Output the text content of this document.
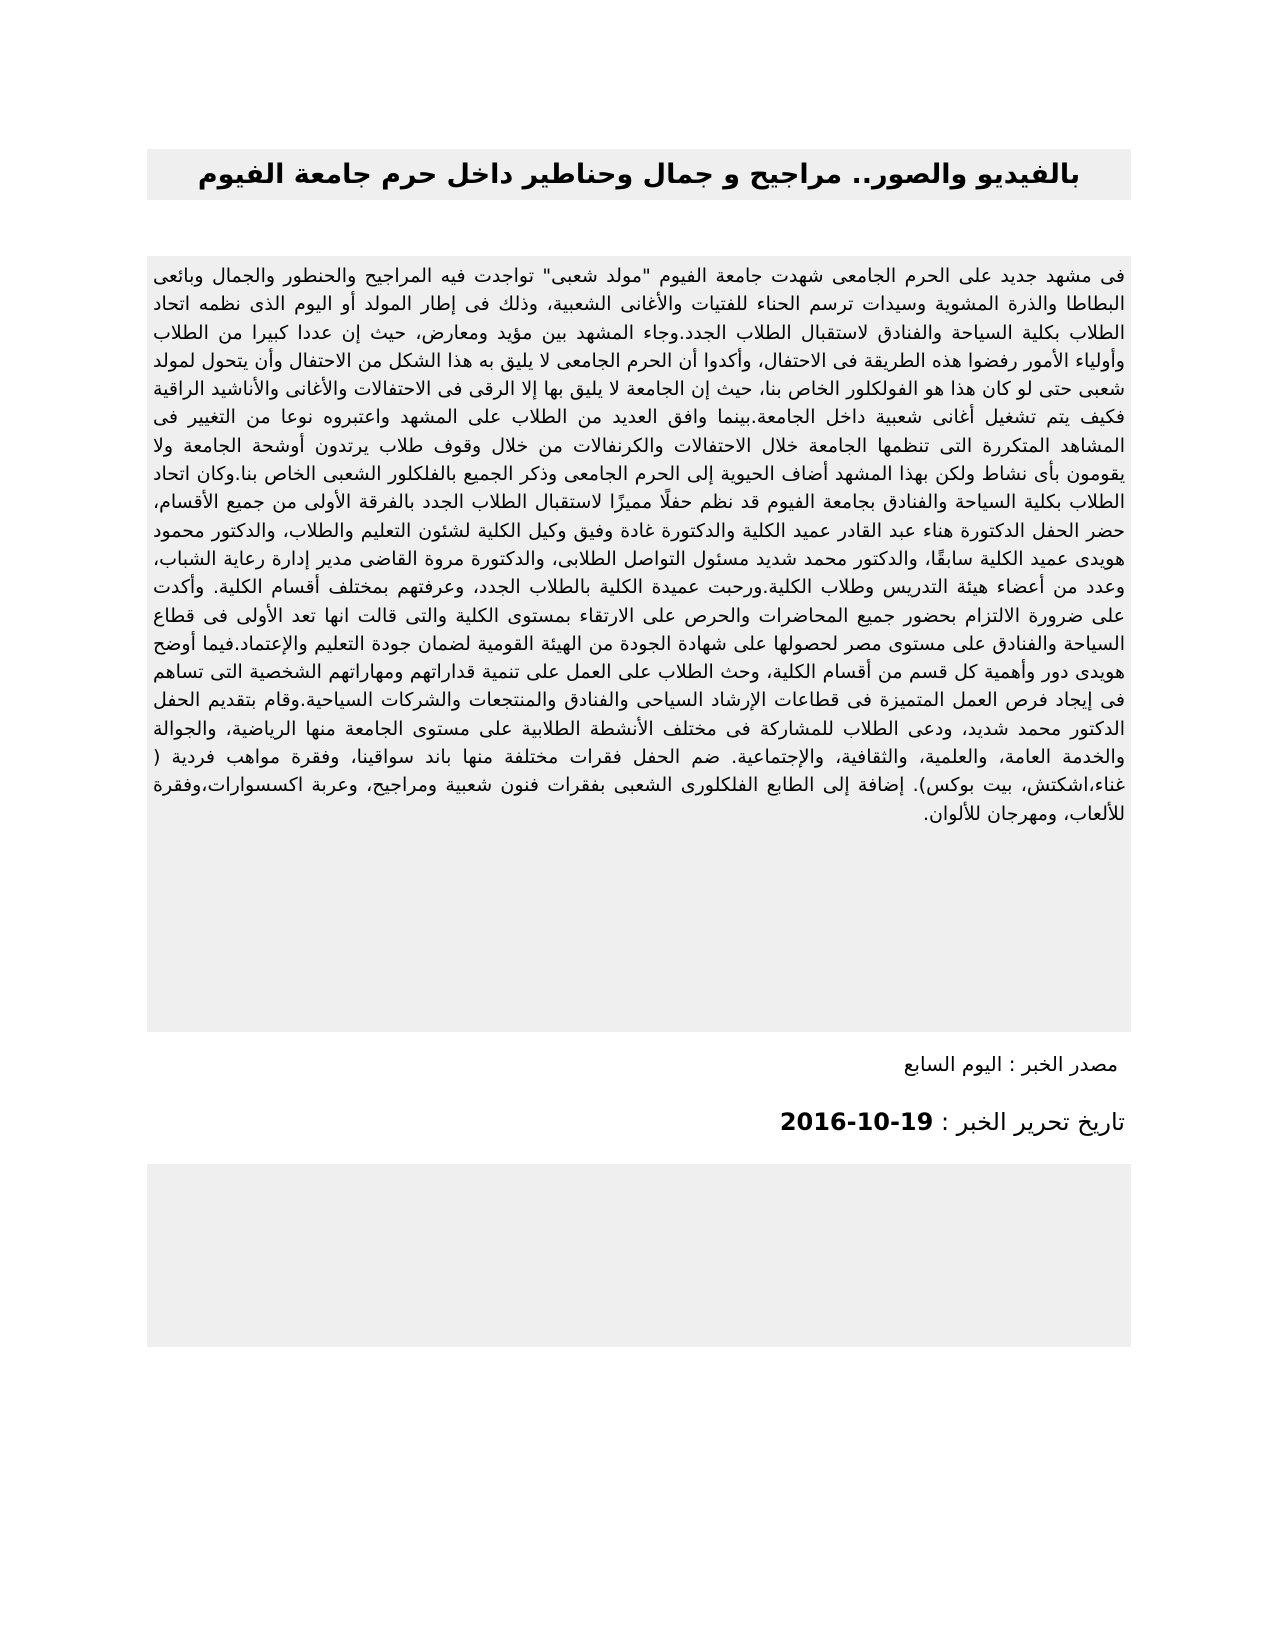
بالفيديو والصور.. مراجيح و جمال وحناطير داخل حرم جامعة الفيوم

فى مشهد جديد على الحرم الجامعى شهدت جامعة الفيوم "مولد شعبى" تواجدت فيه المراجيح والحنطور والجمال وبائعى البطاطا والذرة المشوية وسيدات ترسم الحناء للفتيات والأغانى الشعبية، وذلك فى إطار المولد أو اليوم الذى نظمه اتحاد الطلاب بكلية السياحة والفنادق لاستقبال الطلاب الجدد.وجاء المشهد بين مؤيد ومعارض، حيث إن عددا كبيرا من الطلاب وأولياء الأمور رفضوا هذه الطريقة فى الاحتفال، وأكدوا أن الحرم الجامعى لا يليق به هذا الشكل من الاحتفال وأن يتحول لمولد شعبى حتى لو كان هذا هو الفولكلور الخاص بنا، حيث إن الجامعة لا يليق بها إلا الرقى فى الاحتفالات والأغانى والأناشيد الراقية فكيف يتم تشغيل أغانى شعبية داخل الجامعة.بينما وافق العديد من الطلاب على المشهد واعتبروه نوعا من التغيير فى المشاهد المتكررة التى تنظمها الجامعة خلال الاحتفالات والكرنفالات من خلال وقوف طلاب يرتدون أوشحة الجامعة ولا يقومون بأى نشاط ولكن بهذا المشهد أضاف الحيوية إلى الحرم الجامعى وذكر الجميع بالفلكلور الشعبى الخاص بنا.وكان اتحاد الطلاب بكلية السياحة والفنادق بجامعة الفيوم قد نظم حفلًا مميزًا لاستقبال الطلاب الجدد بالفرقة الأولى من جميع الأقسام، حضر الحفل الدكتورة هناء عبد القادر عميد الكلية والدكتورة غادة وفيق وكيل الكلية لشئون التعليم والطلاب، والدكتور محمود هويدى عميد الكلية سابقًا، والدكتور محمد شديد مسئول التواصل الطلابى، والدكتورة مروة القاضى مدير إدارة رعاية الشباب، وعدد من أعضاء هيئة التدريس وطلاب الكلية.ورحبت عميدة الكلية بالطلاب الجدد، وعرفتهم بمختلف أقسام الكلية. وأكدت على ضرورة الالتزام بحضور جميع المحاضرات والحرص على الارتقاء بمستوى الكلية والتى قالت انها تعد الأولى فى قطاع السياحة والفنادق على مستوى مصر لحصولها على شهادة الجودة من الهيئة القومية لضمان جودة التعليم والإعتماد.فيما أوضح هويدى دور وأهمية كل قسم من أقسام الكلية، وحث الطلاب على العمل على تنمية قداراتهم ومهاراتهم الشخصية التى تساهم فى إيجاد فرص العمل المتميزة فى قطاعات الإرشاد السياحى والفنادق والمنتجعات والشركات السياحية.وقام بتقديم الحفل الدكتور محمد شديد، ودعى الطلاب للمشاركة فى مختلف الأنشطة الطلابية على مستوى الجامعة منها الرياضية، والجوالة والخدمة العامة، والعلمية، والثقافية، والإجتماعية. ضم الحفل فقرات مختلفة منها باند سواقينا، وفقرة مواهب فردية ( غناء،اشكتش، بيت بوكس). إضافة إلى الطابع الفلكلورى الشعبى بفقرات فنون شعبية ومراجيح، وعربة اكسسوارات،وفقرة للألعاب، ومهرجان للألوان.

مصدر الخبر : اليوم السابع
تاريخ تحرير الخبر : 2016-10-19
